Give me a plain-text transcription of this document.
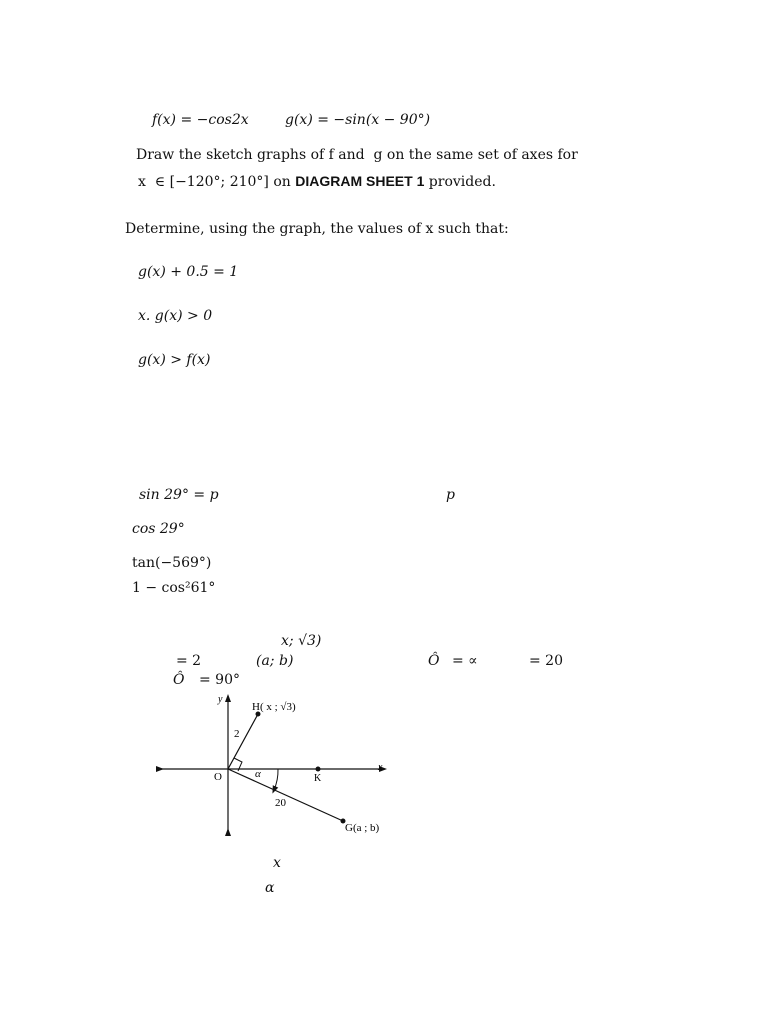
f(x) = −cos2x	g(x) = −sin(x − 90°)
Draw the sketch graphs of f and  g on the same set of axes for
x  ∈ [−120°; 210°] on DIAGRAM SHEET 1 provided.
Determine, using the graph, the values of x such that:
g(x) + 0.5 = 1
x. g(x) > 0
g(x) > f(x)
sin 29° = p	p
cos 29°
tan(−569°)
1 − cos²61°
x; √3)
= 2	(a; b)	Ô = ∝	= 20
Ô = 90°
y
x
H( x ; √3)
2
O	α	K
20
G(a ; b)
x
α
